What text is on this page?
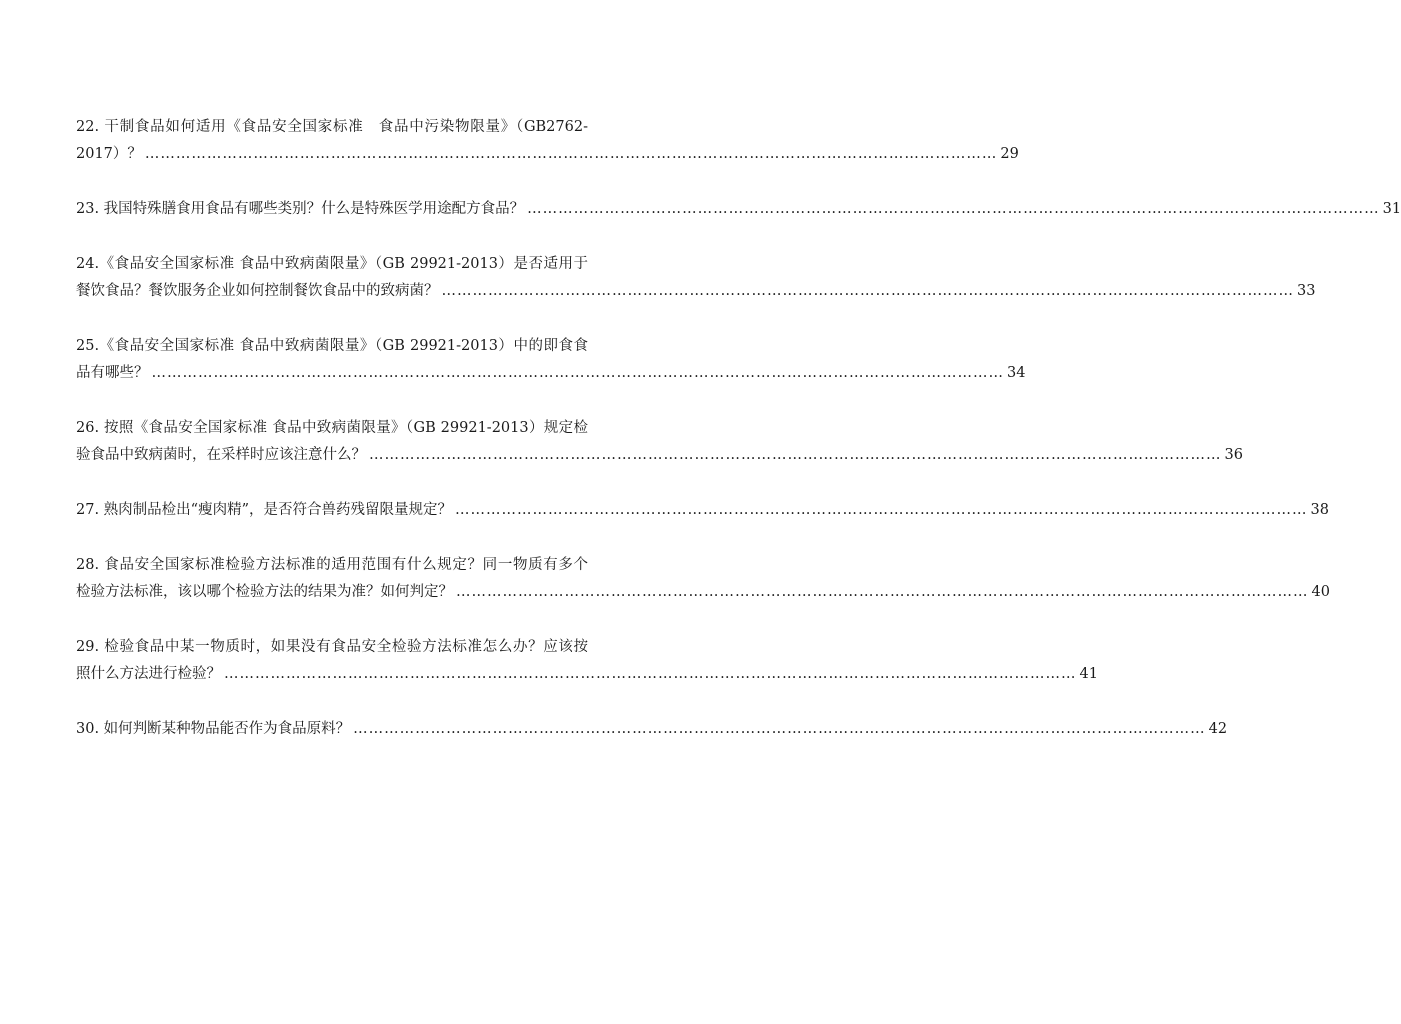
22. 干制食品如何适用《食品安全国家标准　食品中污染物限量》（GB2762-
2017）？ ………………………………………………………………………………………………………………………………………………… 29
23. 我国特殊膳食用食品有哪些类别？什么是特殊医学用途配方食品？ ………………………………………………………………………………………………………………………………………………… 31
24.《食品安全国家标准 食品中致病菌限量》（GB 29921-2013）是否适用于
餐饮食品？餐饮服务企业如何控制餐饮食品中的致病菌？ ………………………………………………………………………………………………………………………………………………… 33
25.《食品安全国家标准 食品中致病菌限量》（GB 29921-2013）中的即食食
品有哪些？ ………………………………………………………………………………………………………………………………………………… 34
26. 按照《食品安全国家标准 食品中致病菌限量》（GB 29921-2013）规定检
验食品中致病菌时，在采样时应该注意什么？ ………………………………………………………………………………………………………………………………………………… 36
27. 熟肉制品检出“瘦肉精”，是否符合兽药残留限量规定？ ………………………………………………………………………………………………………………………………………………… 38
28. 食品安全国家标准检验方法标准的适用范围有什么规定？同一物质有多个
检验方法标准，该以哪个检验方法的结果为准？如何判定？ ………………………………………………………………………………………………………………………………………………… 40
29. 检验食品中某一物质时，如果没有食品安全检验方法标准怎么办？应该按
照什么方法进行检验？ ………………………………………………………………………………………………………………………………………………… 41
30. 如何判断某种物品能否作为食品原料？ ………………………………………………………………………………………………………………………………………………… 42
